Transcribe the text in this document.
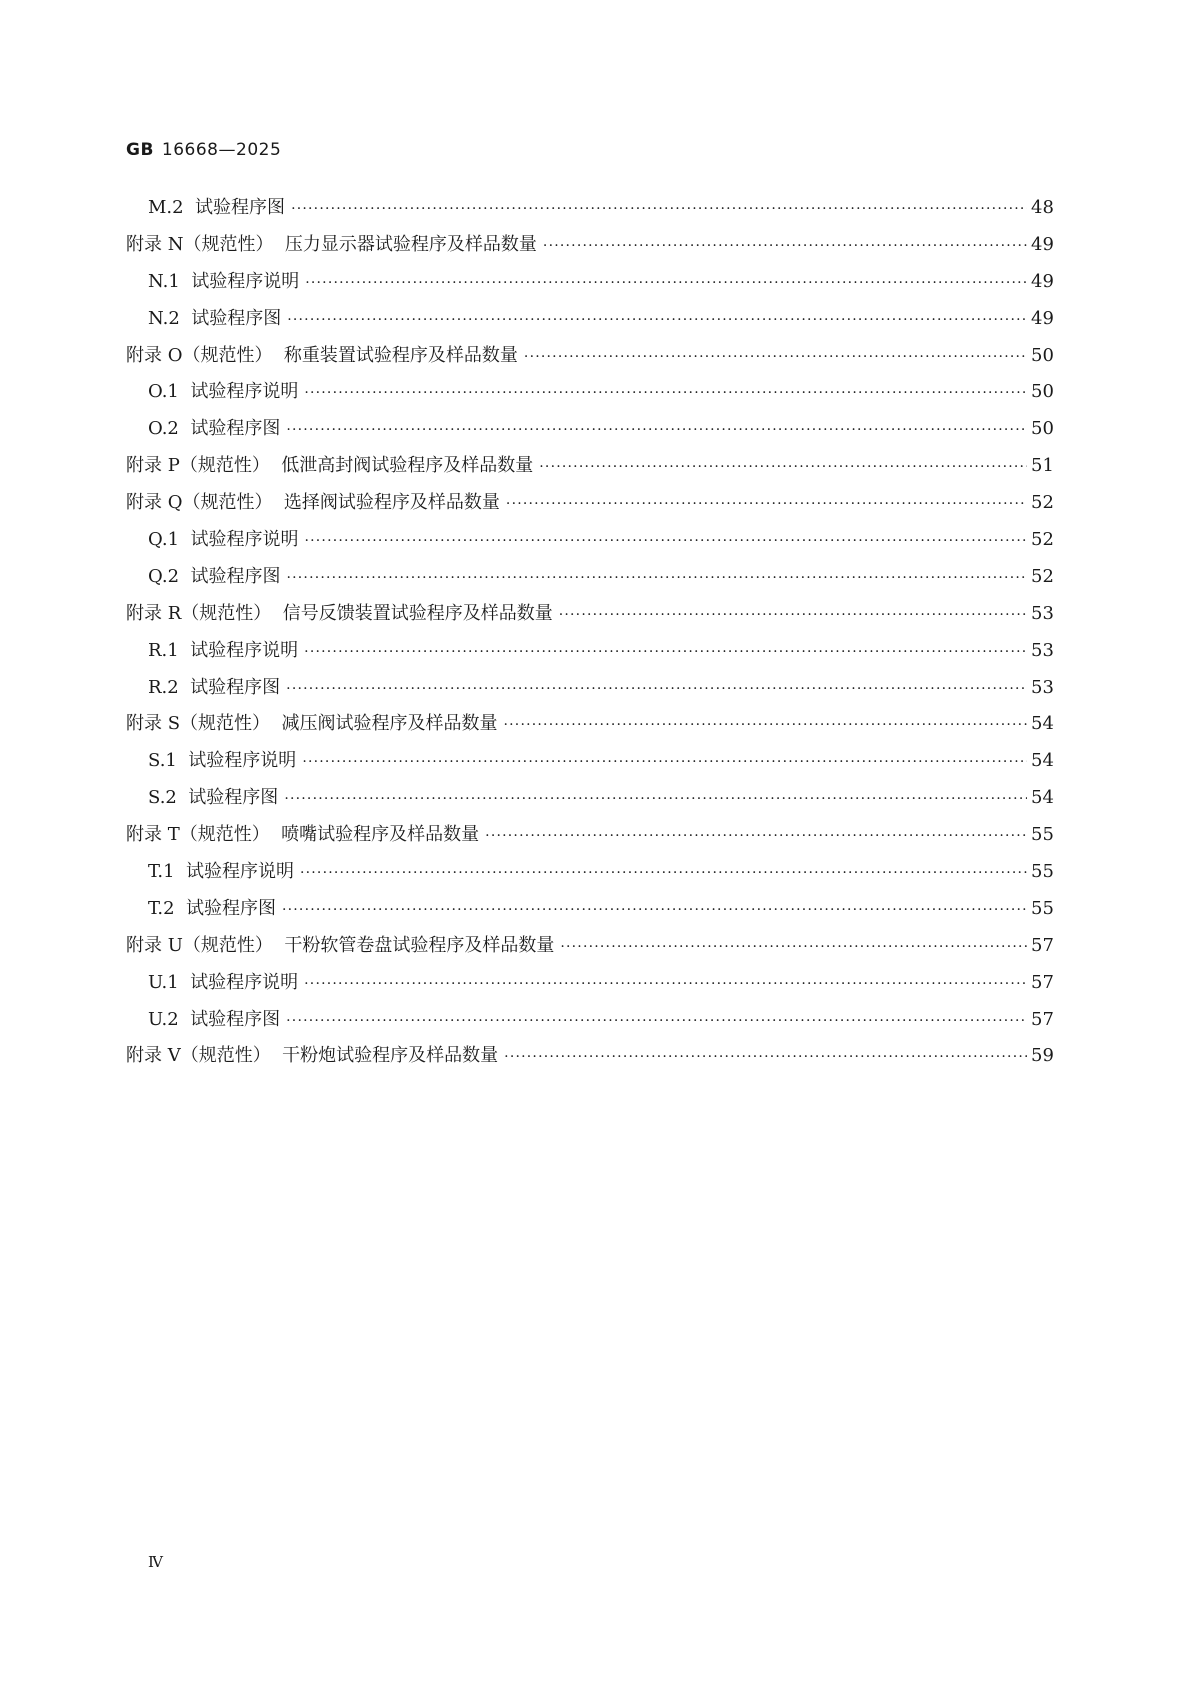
GB 16668—2025
M.2  试验程序图 ·····	48
附录 N（规范性）  压力显示器试验程序及样品数量 ·····	49
N.1  试验程序说明 ·····	49
N.2  试验程序图 ·····	49
附录 O（规范性）  称重装置试验程序及样品数量 ·····	50
O.1  试验程序说明 ·····	50
O.2  试验程序图 ·····	50
附录 P（规范性）  低泄高封阀试验程序及样品数量 ·····	51
附录 Q（规范性）  选择阀试验程序及样品数量 ·····	52
Q.1  试验程序说明 ·····	52
Q.2  试验程序图 ·····	52
附录 R（规范性）  信号反馈装置试验程序及样品数量 ·····	53
R.1  试验程序说明 ·····	53
R.2  试验程序图 ·····	53
附录 S（规范性）  减压阀试验程序及样品数量 ·····	54
S.1  试验程序说明 ·····	54
S.2  试验程序图 ·····	54
附录 T（规范性）  喷嘴试验程序及样品数量 ·····	55
T.1  试验程序说明 ·····	55
T.2  试验程序图 ·····	55
附录 U（规范性）  干粉软管卷盘试验程序及样品数量 ·····	57
U.1  试验程序说明 ·····	57
U.2  试验程序图 ·····	57
附录 V（规范性）  干粉炮试验程序及样品数量 ·····	59
Ⅳ
